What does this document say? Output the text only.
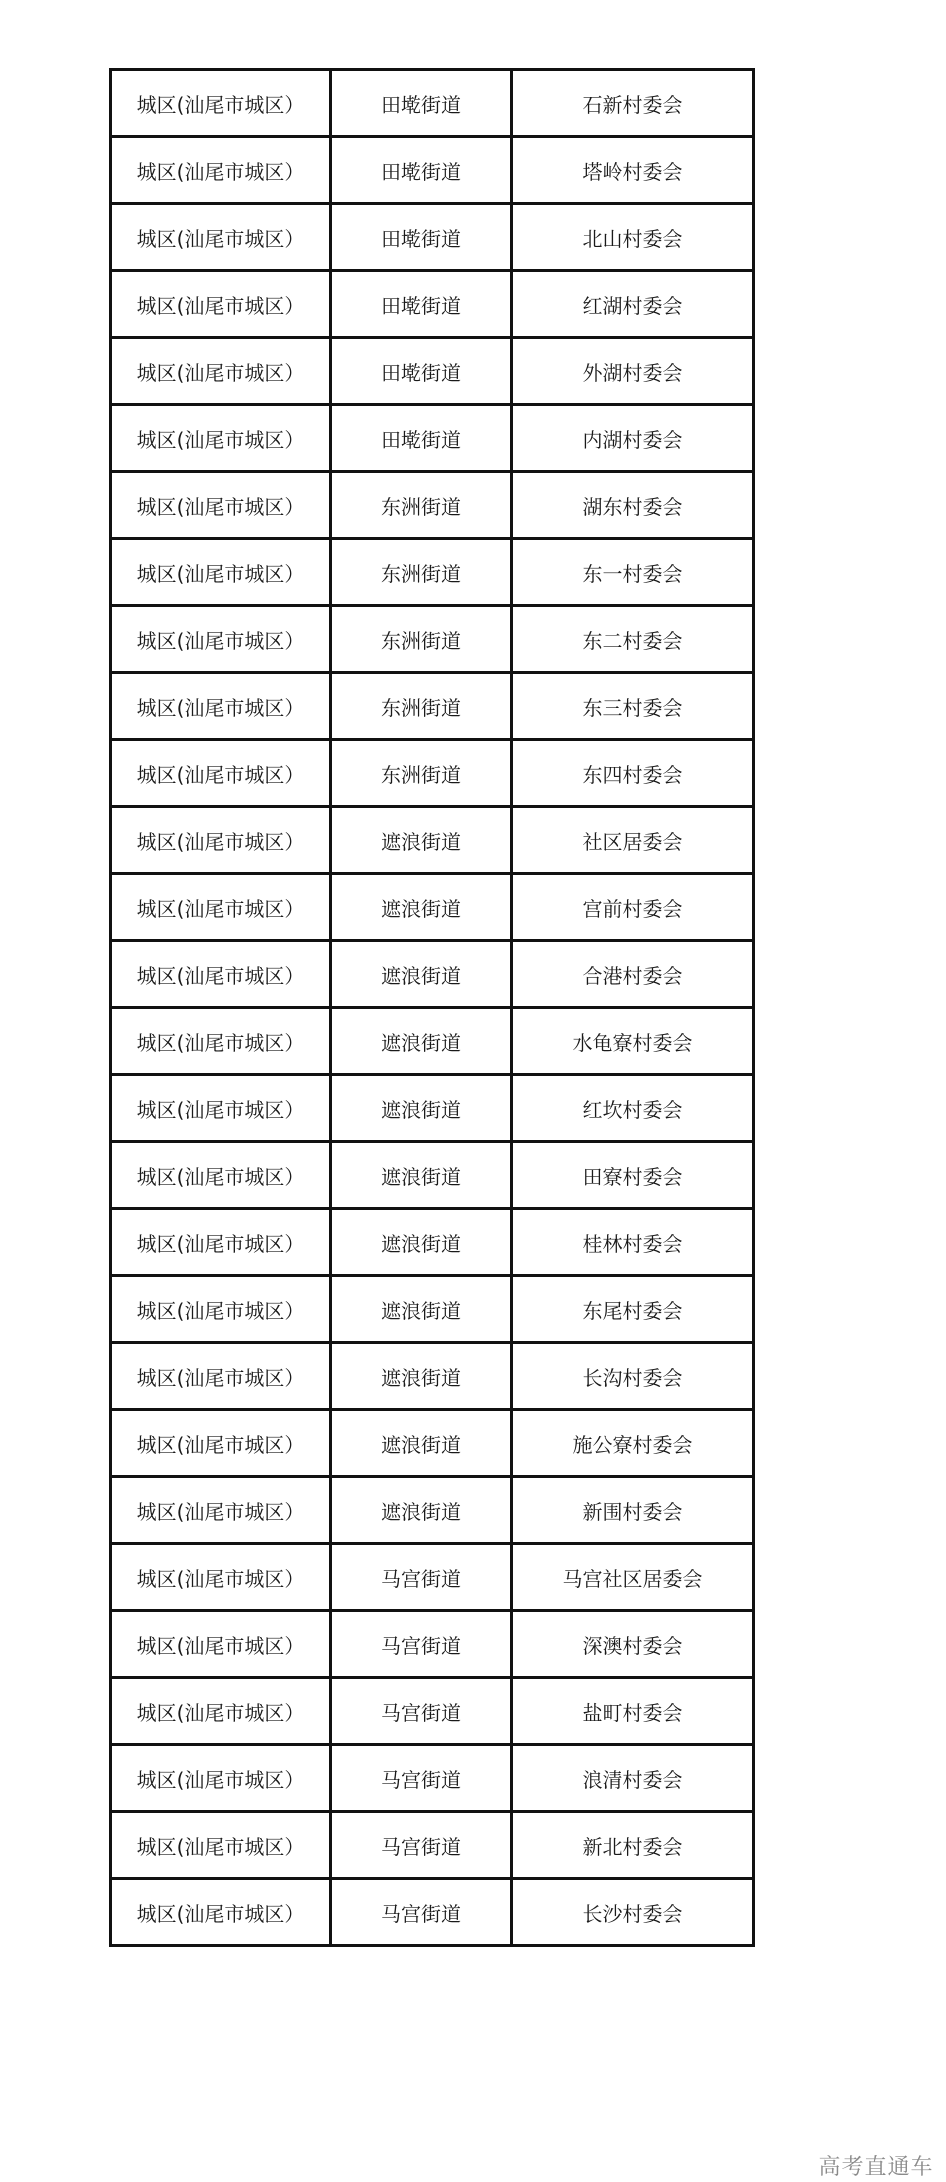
城区(汕尾市城区）	田墘街道	石新村委会
城区(汕尾市城区）	田墘街道	塔岭村委会
城区(汕尾市城区）	田墘街道	北山村委会
城区(汕尾市城区）	田墘街道	红湖村委会
城区(汕尾市城区）	田墘街道	外湖村委会
城区(汕尾市城区）	田墘街道	内湖村委会
城区(汕尾市城区）	东洲街道	湖东村委会
城区(汕尾市城区）	东洲街道	东一村委会
城区(汕尾市城区）	东洲街道	东二村委会
城区(汕尾市城区）	东洲街道	东三村委会
城区(汕尾市城区）	东洲街道	东四村委会
城区(汕尾市城区）	遮浪街道	社区居委会
城区(汕尾市城区）	遮浪街道	宫前村委会
城区(汕尾市城区）	遮浪街道	合港村委会
城区(汕尾市城区）	遮浪街道	水龟寮村委会
城区(汕尾市城区）	遮浪街道	红坎村委会
城区(汕尾市城区）	遮浪街道	田寮村委会
城区(汕尾市城区）	遮浪街道	桂林村委会
城区(汕尾市城区）	遮浪街道	东尾村委会
城区(汕尾市城区）	遮浪街道	长沟村委会
城区(汕尾市城区）	遮浪街道	施公寮村委会
城区(汕尾市城区）	遮浪街道	新围村委会
城区(汕尾市城区）	马宫街道	马宫社区居委会
城区(汕尾市城区）	马宫街道	深澳村委会
城区(汕尾市城区）	马宫街道	盐町村委会
城区(汕尾市城区）	马宫街道	浪清村委会
城区(汕尾市城区）	马宫街道	新北村委会
城区(汕尾市城区）	马宫街道	长沙村委会
高考直通车
